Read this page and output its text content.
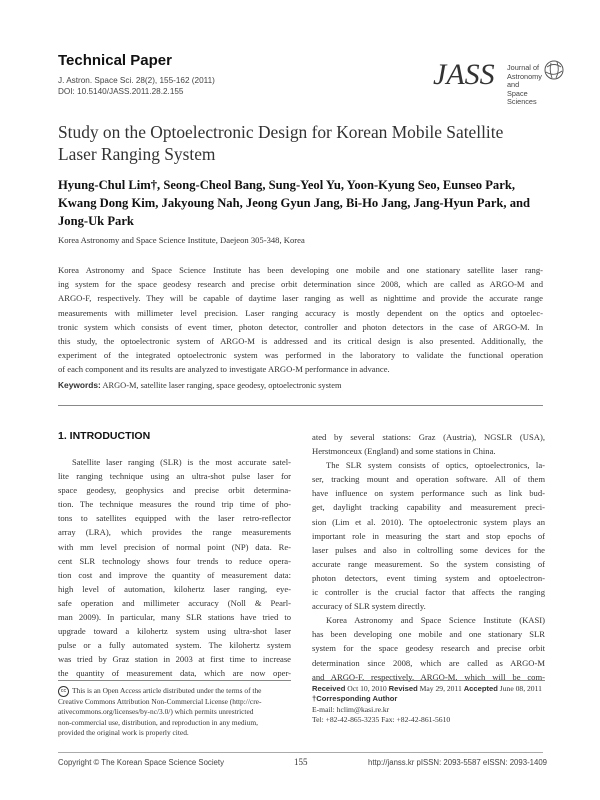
Technical Paper
J. Astron. Space Sci. 28(2), 155-162 (2011)
DOI: 10.5140/JASS.2011.28.2.155
JASS Journal of
Astronomy and
Space Sciences
Study on the Optoelectronic Design for Korean Mobile Satellite
Laser Ranging System
Hyung-Chul Lim†, Seong-Cheol Bang, Sung-Yeol Yu, Yoon-Kyung Seo, Eunseo Park,
Kwang Dong Kim, Jakyoung Nah, Jeong Gyun Jang, Bi-Ho Jang, Jang-Hyun Park, and
Jong-Uk Park
Korea Astronomy and Space Science Institute, Daejeon 305-348, Korea
Korea Astronomy and Space Science Institute has been developing one mobile and one stationary satellite laser rang-
ing system for the space geodesy research and precise orbit determination since 2008, which are called as ARGO-M and
ARGO-F, respectively. They will be capable of daytime laser ranging as well as nighttime and provide the accurate range
measurements with millimeter level precision. Laser ranging accuracy is mostly dependent on the optics and optoelec-
tronic system which consists of event timer, photon detector, controller and photon detectors in the case of ARGO-M. In
this study, the optoelectronic system of ARGO-M is addressed and its critical design is also presented. Additionally, the
experiment of the integrated optoelectronic system was performed in the laboratory to validate the functional operation
of each component and its results are analyzed to investigate ARGO-M performance in advance.
Keywords: ARGO-M, satellite laser ranging, space geodesy, optoelectronic system
1. INTRODUCTION
Satellite laser ranging (SLR) is the most accurate satel-
lite ranging technique using an ultra-shot pulse laser for
space geodesy, geophysics and precise orbit determina-
tion. The technique measures the round trip time of pho-
tons to satellites equipped with the laser retro-reflector
array (LRA), which provides the range measurements
with mm level precision of normal point (NP) data. Re-
cent SLR technology shows four trends to reduce opera-
tion cost and improve the quantity of measurement data:
high level of automation, kilohertz laser ranging, eye-
safe operation and millimeter accuracy (Noll & Pearl-
man 2009). In particular, many SLR stations have tried to
upgrade toward a kilohertz system using ultra-shot laser
pulse or a fully automated system. The kilohertz system
was tried by Graz station in 2003 at first time to increase
the quantity of measurement data, which are now oper-
ated by several stations: Graz (Austria), NGSLR (USA),
Herstmonceux (England) and some stations in China.
The SLR system consists of optics, optoelectronics, la-
ser, tracking mount and operation software. All of them
have influence on system performance such as link bud-
get, daylight tracking capability and measurement preci-
sion (Lim et al. 2010). The optoelectronic system plays an
important role in measuring the start and stop epochs of
laser pulses and also in coltrolling some devices for the
accurate range measurement. So the system consisting of
photon detectors, event timing system and optoelectron-
ic controller is the crucial factor that affects the ranging
accuracy of SLR system directly.
Korea Astronomy and Space Science Institute (KASI)
has been developing one mobile and one stationary SLR
system for the space geodesy research and precise orbit
determination since 2008, which are called as ARGO-M
and ARGO-F, respectively. ARGO-M, which will be com-
cc This is an Open Access article distributed under the terms of the
Creative Commons Attribution Non-Commercial License (http://cre-
ativecommons.org/licenses/by-nc/3.0/) which permits unrestricted
non-commercial use, distribution, and reproduction in any medium,
provided the original work is properly cited.
Received Oct 10, 2010 Revised May 29, 2011 Accepted June 08, 2011
†Corresponding Author
E-mail: hclim@kasi.re.kr
Tel: +82-42-865-3235 Fax: +82-42-861-5610
Copyright © The Korean Space Science Society	155	http://janss.kr pISSN: 2093-5587 eISSN: 2093-1409
